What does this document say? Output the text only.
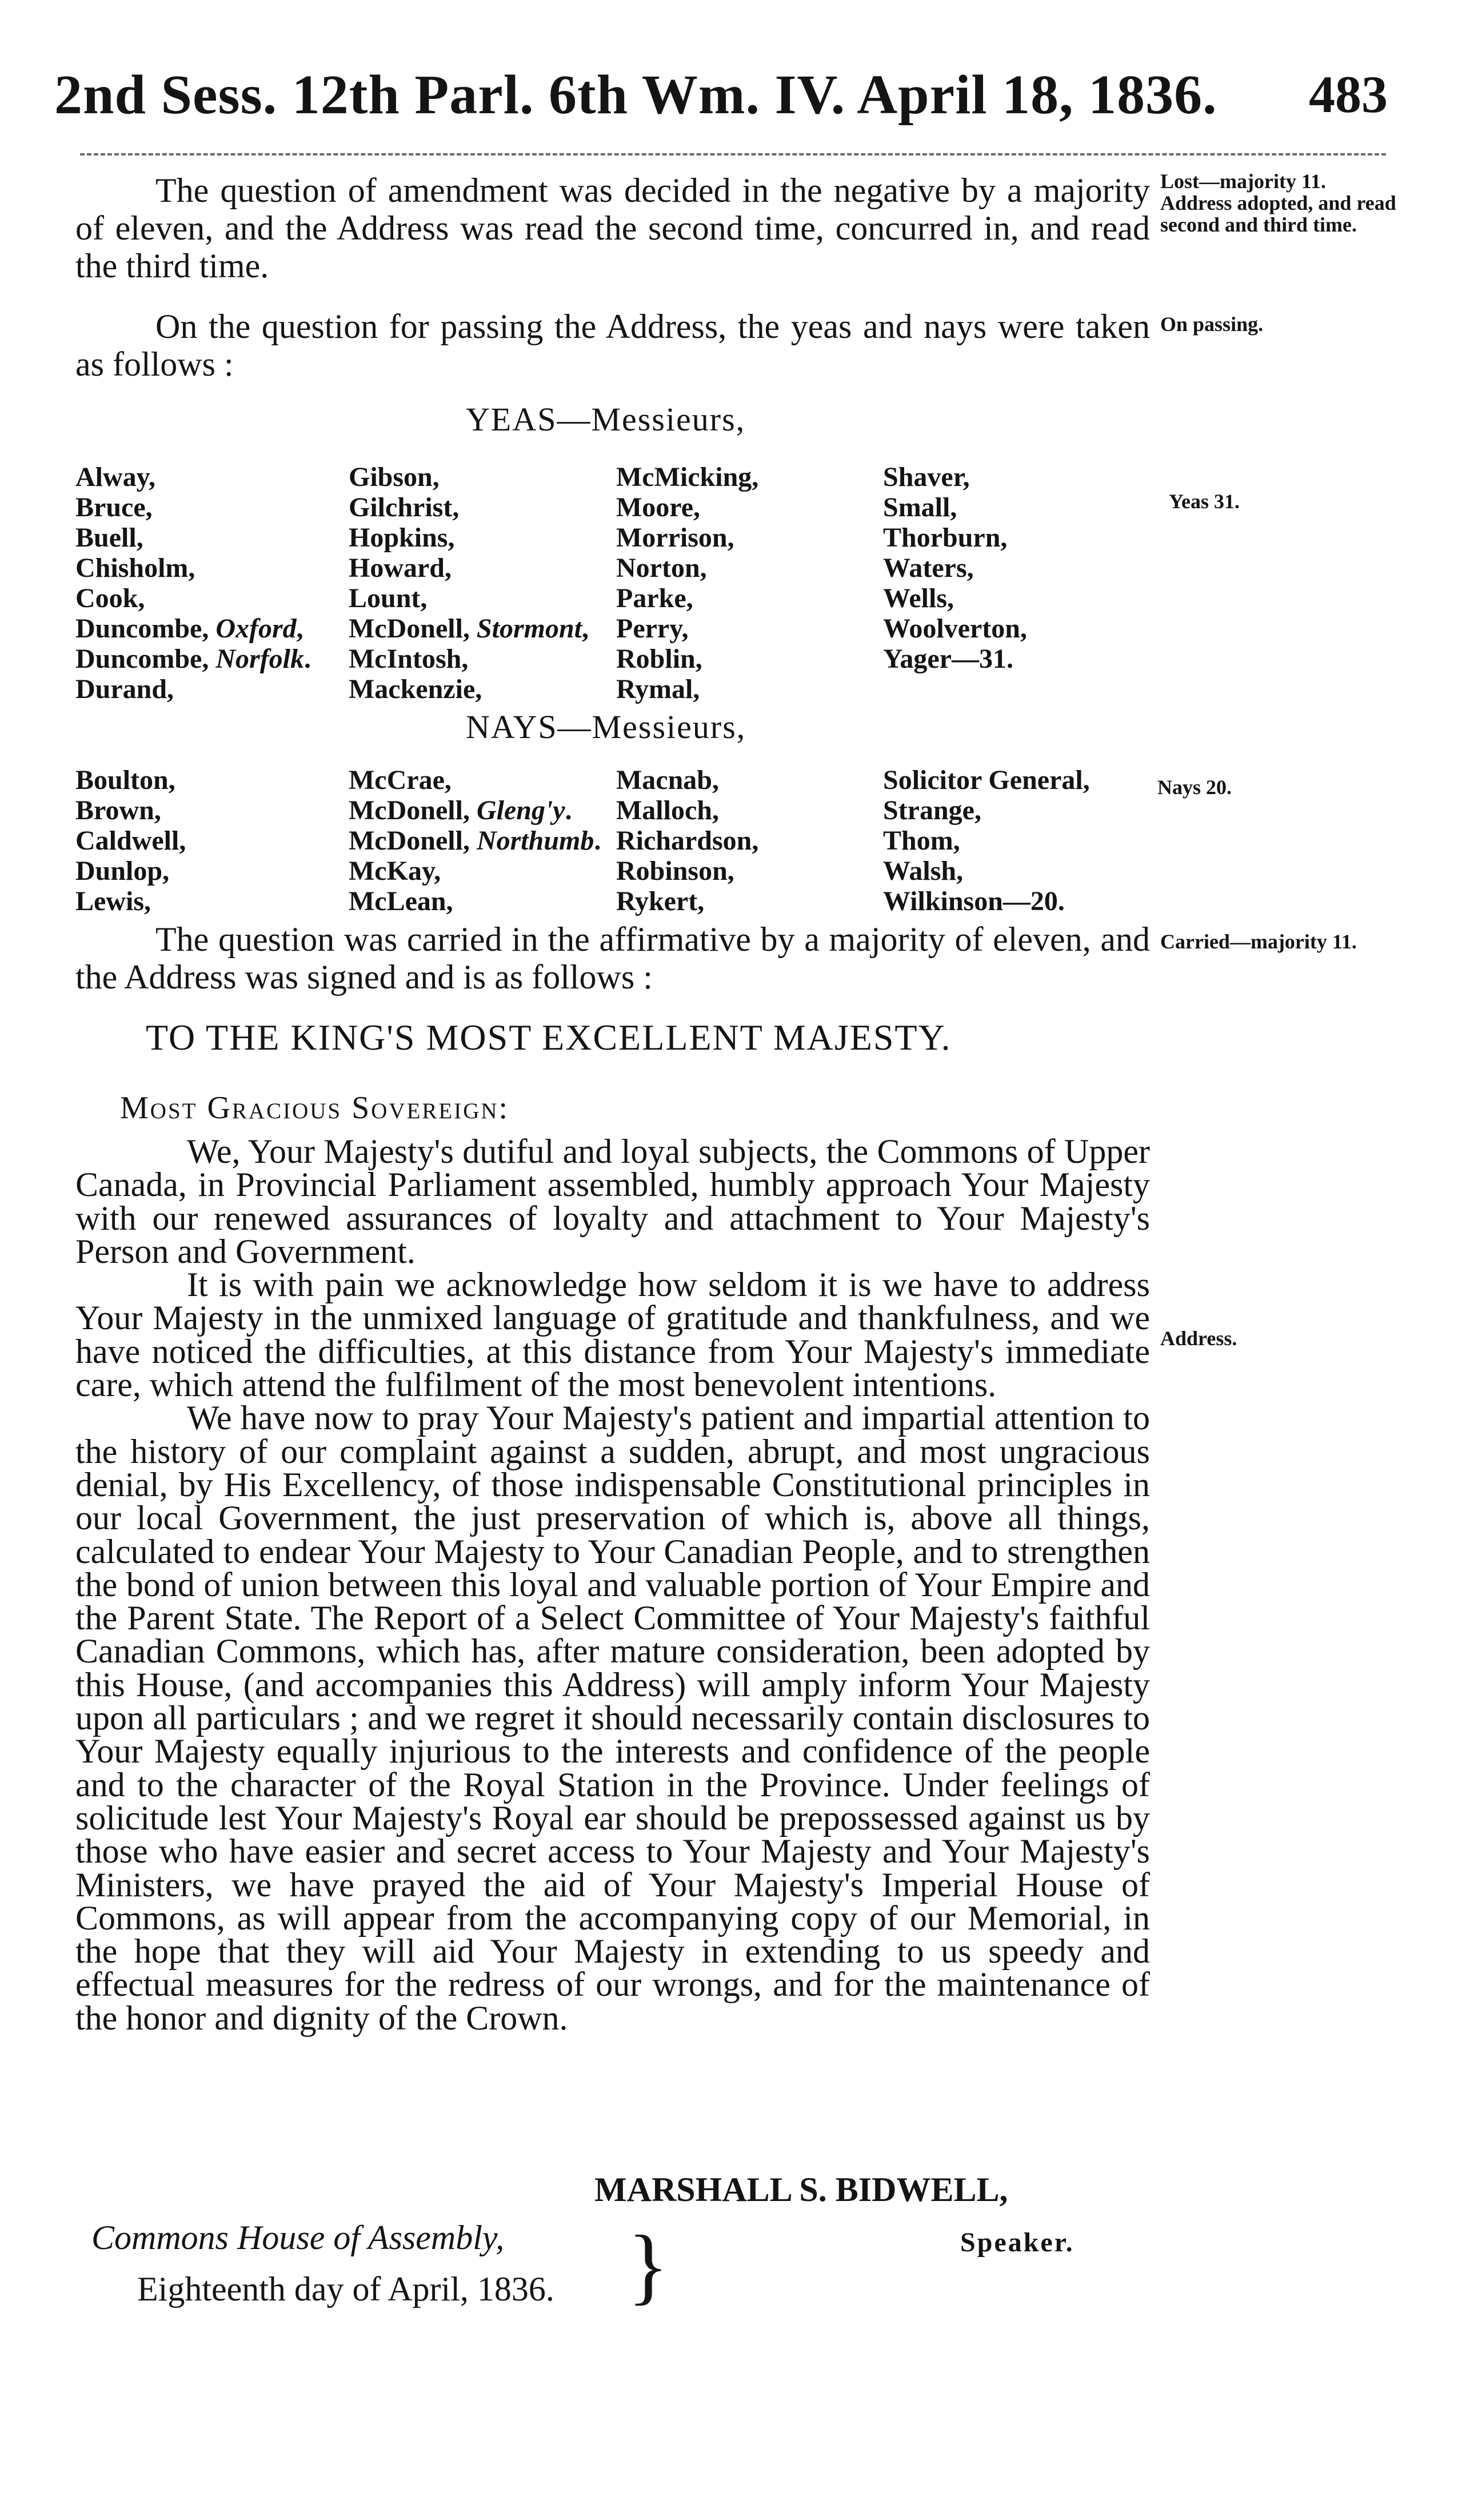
2nd Sess. 12th Parl. 6th Wm. IV. April 18, 1836. 483
The question of amendment was decided in the negative by a majority of eleven, and the Address was read the second time, concurred in, and read the third time.
Lost—majority 11. Address adopted, and read second and third time.
On the question for passing the Address, the yeas and nays were taken as follows :
On passing.
YEAS—Messieurs,
Yeas 31.
Alway,
Bruce,
Buell,
Chisholm,
Cook,
Duncombe, Oxford,
Duncombe, Norfolk.
Durand,
Gibson,
Gilchrist,
Hopkins,
Howard,
Lount,
McDonell, Stormont,
McIntosh,
Mackenzie,
McMicking,
Moore,
Morrison,
Norton,
Parke,
Perry,
Roblin,
Rymal,
Shaver,
Small,
Thorburn,
Waters,
Wells,
Woolverton,
Yager—31.
NAYS—Messieurs,
Nays 20.
Boulton,
Brown,
Caldwell,
Dunlop,
Lewis,
McCrae,
McDonell, Gleng'y.
McDonell, Northumb.
McKay,
McLean,
Macnab,
Malloch,
Richardson,
Robinson,
Rykert,
Solicitor General,
Strange,
Thom,
Walsh,
Wilkinson—20.
The question was carried in the affirmative by a majority of eleven, and the Address was signed and is as follows :
Carried—majority 11.
TO THE KING'S MOST EXCELLENT MAJESTY.
Most Gracious Sovereign:

We, Your Majesty's dutiful and loyal subjects, the Commons of Upper Canada, in Provincial Parliament assembled, humbly approach Your Majesty with our renewed assurances of loyalty and attachment to Your Majesty's Person and Government.

It is with pain we acknowledge how seldom it is we have to address Your Majesty in the unmixed language of gratitude and thankfulness, and we have noticed the difficulties, at this distance from Your Majesty's immediate care, which attend the fulfilment of the most benevolent intentions.

We have now to pray Your Majesty's patient and impartial attention to the history of our complaint against a sudden, abrupt, and most ungracious denial, by His Excellency, of those indispensable Constitutional principles in our local Government, the just preservation of which is, above all things, calculated to endear Your Majesty to Your Canadian People, and to strengthen the bond of union between this loyal and valuable portion of Your Empire and the Parent State. The Report of a Select Committee of Your Majesty's faithful Canadian Commons, which has, after mature consideration, been adopted by this House, (and accompanies this Address) will amply inform Your Majesty upon all particulars ; and we regret it should necessarily contain disclosures to Your Majesty equally injurious to the interests and confidence of the people and to the character of the Royal Station in the Province. Under feelings of solicitude lest Your Majesty's Royal ear should be prepossessed against us by those who have easier and secret access to Your Majesty and Your Majesty's Ministers, we have prayed the aid of Your Majesty's Imperial House of Commons, as will appear from the accompanying copy of our Memorial, in the hope that they will aid Your Majesty in extending to us speedy and effectual measures for the redress of our wrongs, and for the maintenance of the honor and dignity of the Crown.

Address.
MARSHALL S. BIDWELL,
Speaker.
Commons House of Assembly,
Eighteenth day of April, 1836. }
